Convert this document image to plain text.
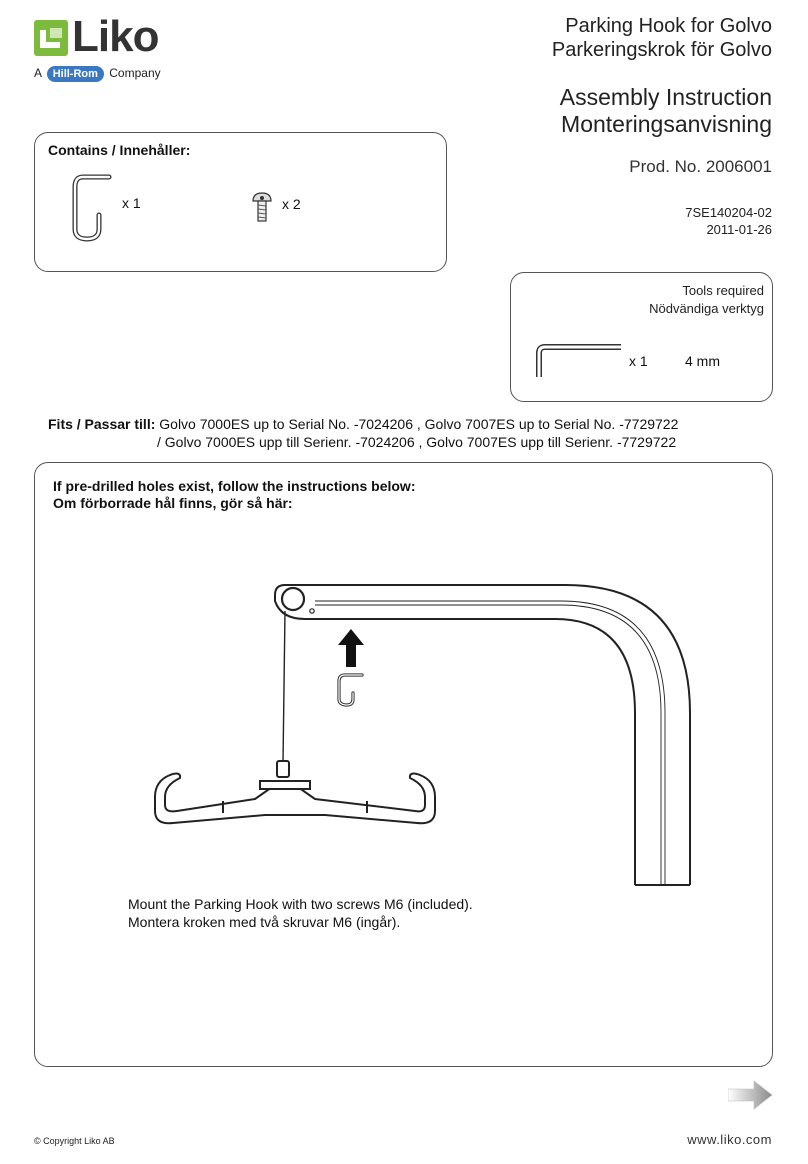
Liko
A Hill-Rom Company
Parking Hook for Golvo
Parkeringskrok för Golvo
Assembly Instruction
Monteringsanvisning
Prod. No. 2006001
7SE140204-02
2011-01-26
Contains / Innehåller:
x 1	x 2
Tools required
Nödvändiga verktyg
x 1	4 mm
Fits / Passar till: Golvo 7000ES up to Serial No. -7024206 , Golvo 7007ES up to Serial No. -7729722
/ Golvo 7000ES upp till Serienr. -7024206 , Golvo 7007ES upp till Serienr. -7729722
If pre-drilled holes exist, follow the instructions below:
Om förborrade hål finns, gör så här:
Mount the Parking Hook with two screws M6 (included).
Montera kroken med två skruvar M6 (ingår).
© Copyright Liko AB	www.liko.com
